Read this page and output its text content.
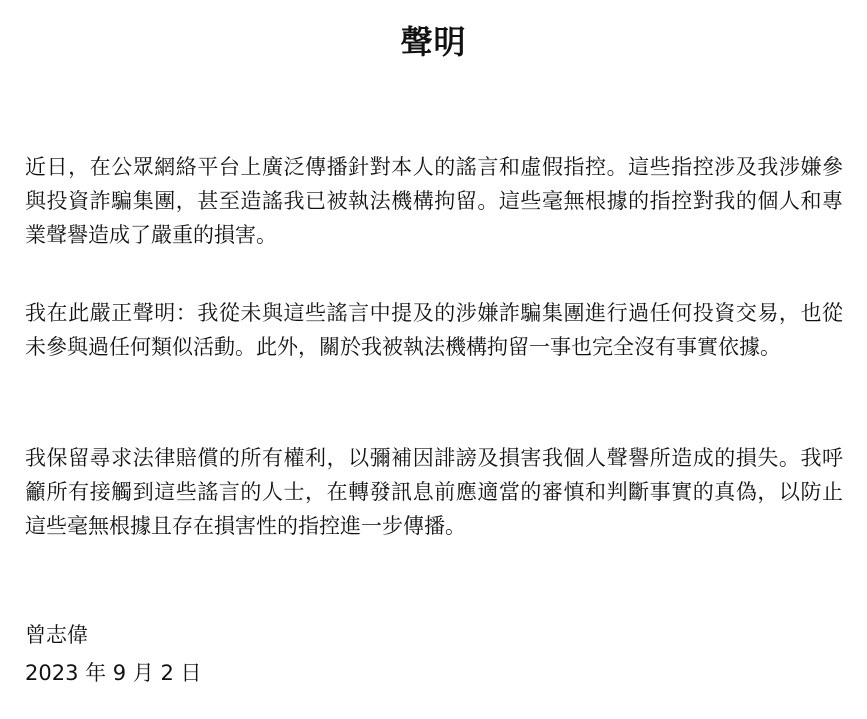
聲明

近日，在公眾網絡平台上廣泛傳播針對本人的謠言和虛假指控。這些指控涉及我涉嫌參與投資詐騙集團，甚至造謠我已被執法機構拘留。這些毫無根據的指控對我的個人和專業聲譽造成了嚴重的損害。

我在此嚴正聲明：我從未與這些謠言中提及的涉嫌詐騙集團進行過任何投資交易，也從未參與過任何類似活動。此外，關於我被執法機構拘留一事也完全沒有事實依據。

我保留尋求法律賠償的所有權利，以彌補因誹謗及損害我個人聲譽所造成的損失。我呼籲所有接觸到這些謠言的人士，在轉發訊息前應適當的審慎和判斷事實的真偽，以防止這些毫無根據且存在損害性的指控進一步傳播。

曾志偉
2023 年 9 月 2 日
